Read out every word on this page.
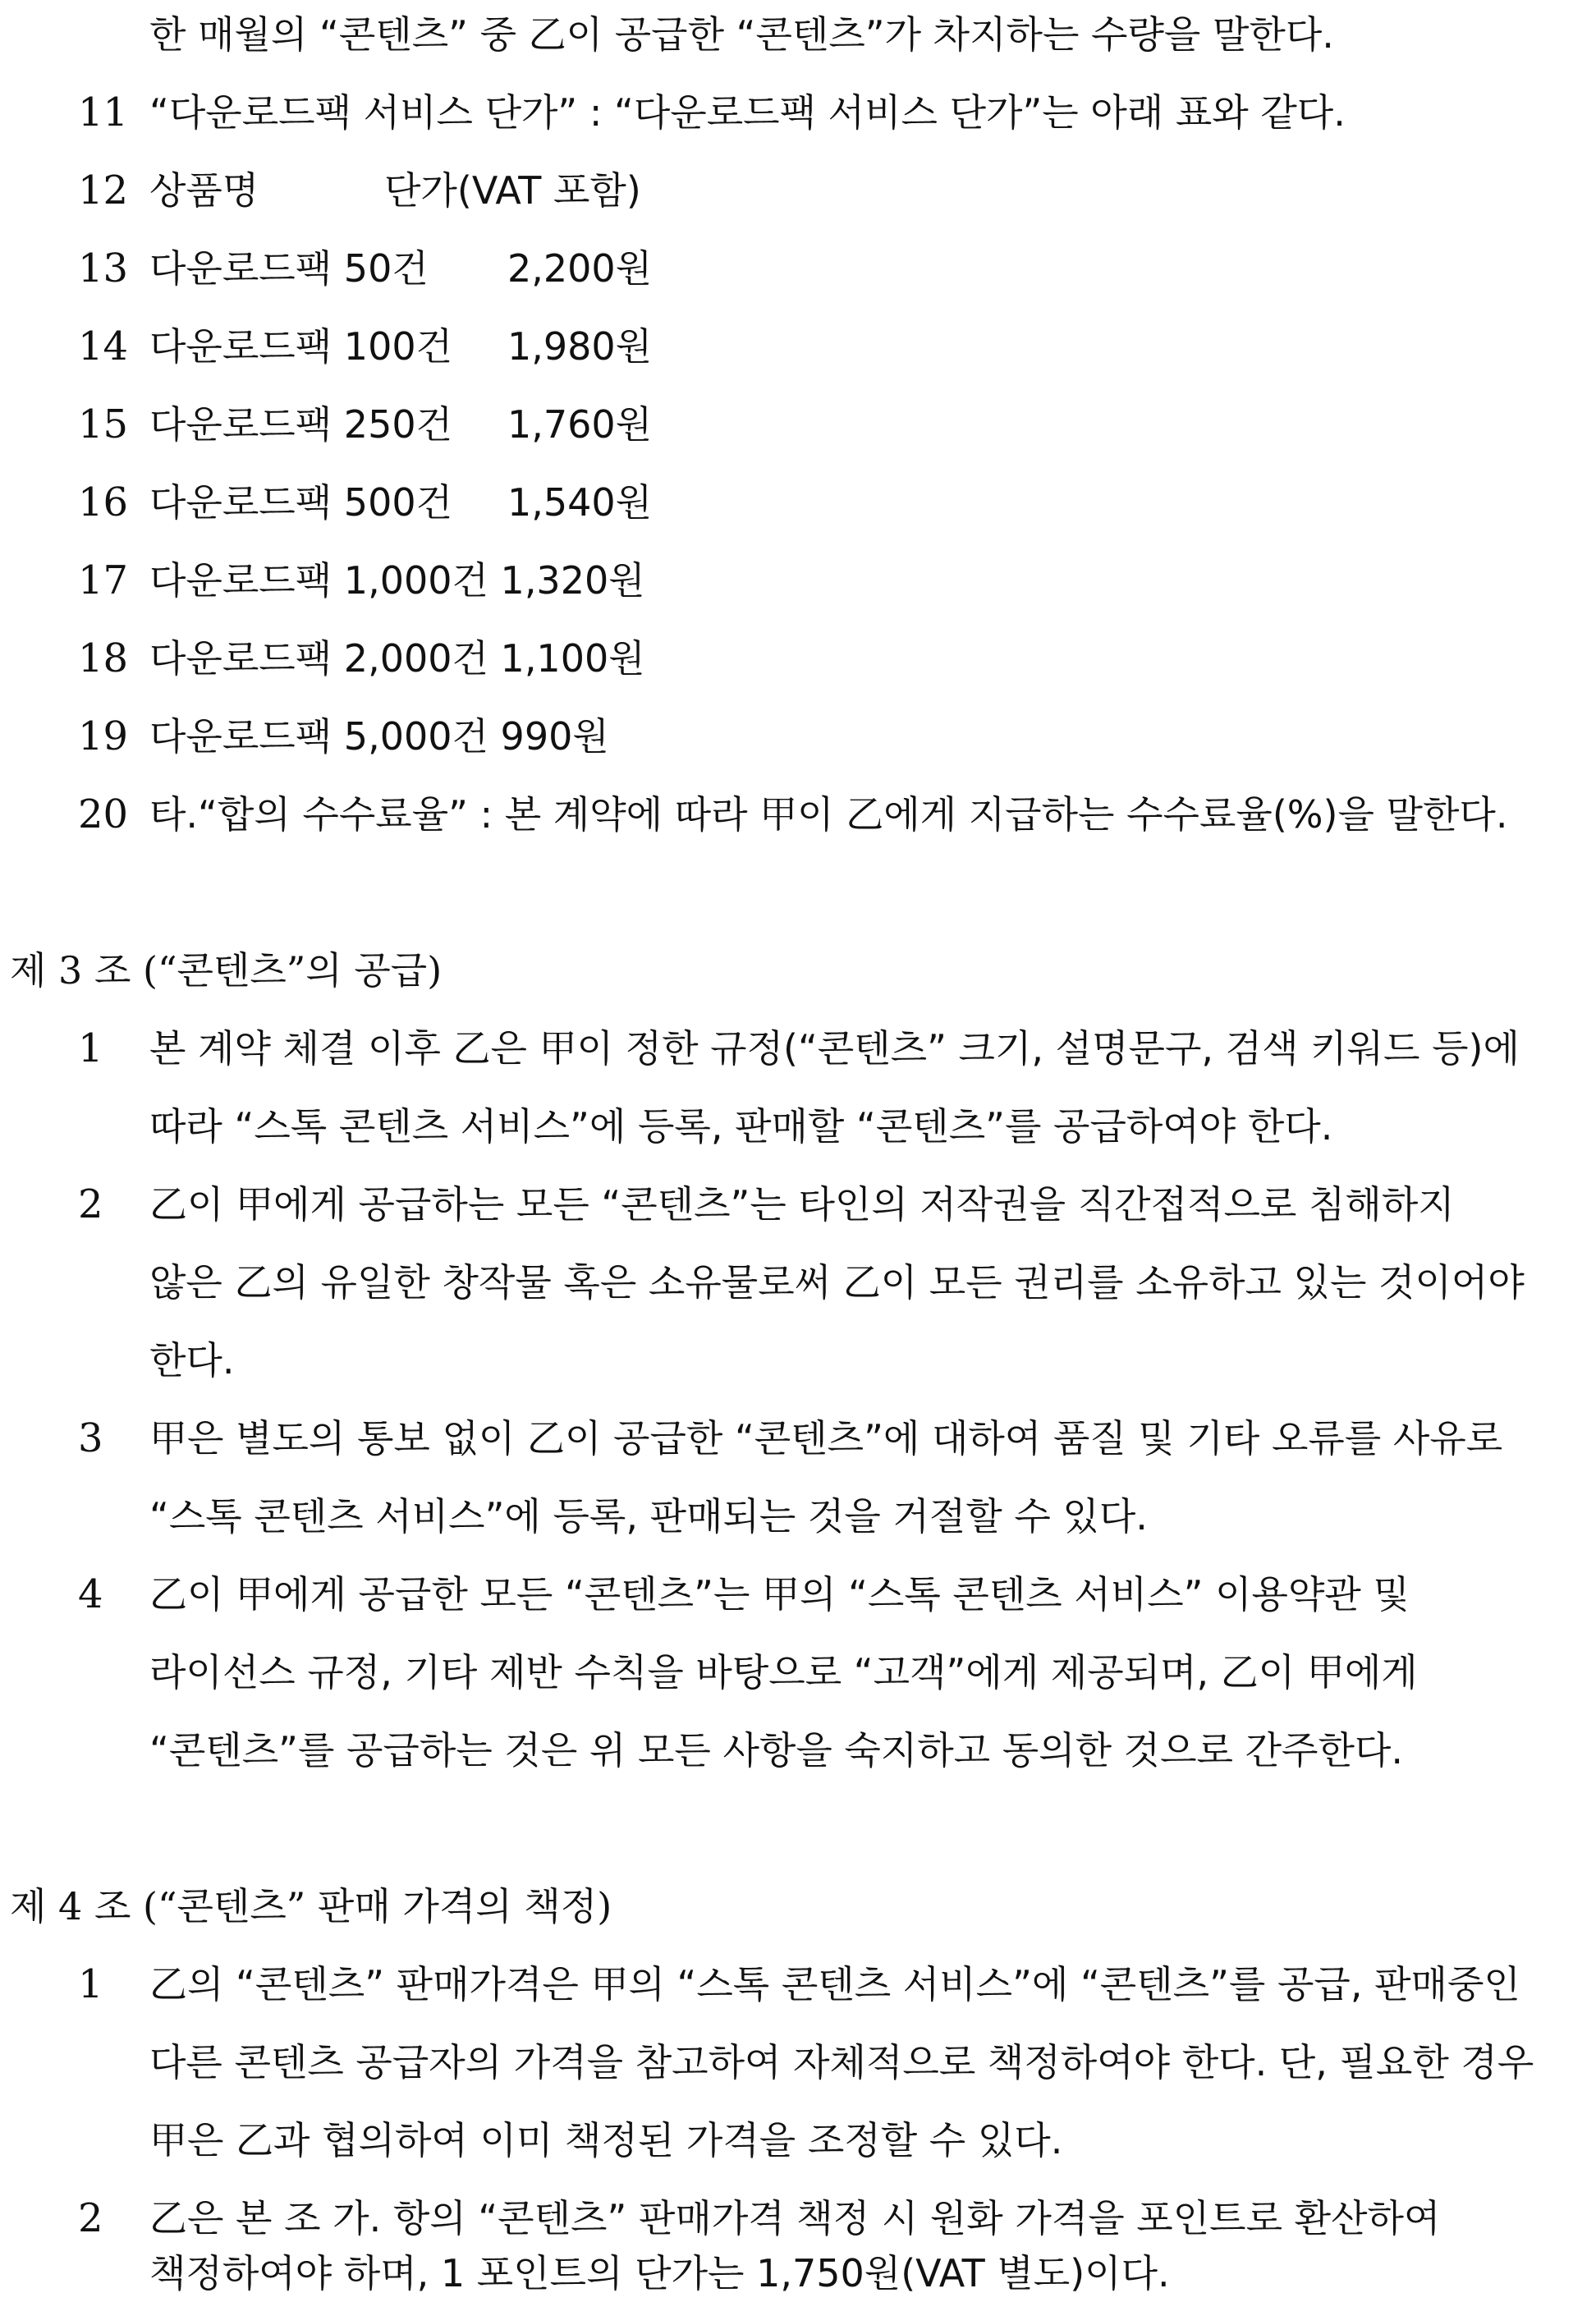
한 매월의 “콘텐츠” 중 乙이 공급한 “콘텐츠”가 차지하는 수량을 말한다.
11 “다운로드팩 서비스 단가” : “다운로드팩 서비스 단가”는 아래 표와 같다.
12 상품명	단가(VAT 포함)
13 다운로드팩 50건 2,200원
14 다운로드팩 100건 1,980원
15 다운로드팩 250건 1,760원
16 다운로드팩 500건 1,540원
17 다운로드팩 1,000건 1,320원
18 다운로드팩 2,000건 1,100원
19 다운로드팩 5,000건 990원
20 타.“합의 수수료율” : 본 계약에 따라 甲이 乙에게 지급하는 수수료율(%)을 말한다.
제 3 조 (“콘텐츠”의 공급)
1	본 계약 체결 이후 乙은 甲이 정한 규정(“콘텐츠” 크기, 설명문구, 검색 키워드 등)에
따라 “스톡 콘텐츠 서비스”에 등록, 판매할 “콘텐츠”를 공급하여야 한다.
2	乙이 甲에게 공급하는 모든 “콘텐츠”는 타인의 저작권을 직간접적으로 침해하지
않은 乙의 유일한 창작물 혹은 소유물로써 乙이 모든 권리를 소유하고 있는 것이어야
한다.
3	甲은 별도의 통보 없이 乙이 공급한 “콘텐츠”에 대하여 품질 및 기타 오류를 사유로
“스톡 콘텐츠 서비스”에 등록, 판매되는 것을 거절할 수 있다.
4	乙이 甲에게 공급한 모든 “콘텐츠”는 甲의 “스톡 콘텐츠 서비스” 이용약관 및
라이선스 규정, 기타 제반 수칙을 바탕으로 “고객”에게 제공되며, 乙이 甲에게
“콘텐츠”를 공급하는 것은 위 모든 사항을 숙지하고 동의한 것으로 간주한다.
제 4 조 (“콘텐츠” 판매 가격의 책정)
1	乙의 “콘텐츠” 판매가격은 甲의 “스톡 콘텐츠 서비스”에 “콘텐츠”를 공급, 판매중인
다른 콘텐츠 공급자의 가격을 참고하여 자체적으로 책정하여야 한다. 단, 필요한 경우
甲은 乙과 협의하여 이미 책정된 가격을 조정할 수 있다.
2	乙은 본 조 가. 항의 “콘텐츠” 판매가격 책정 시 원화 가격을 포인트로 환산하여
책정하여야 하며, 1 포인트의 단가는 1,750원(VAT 별도)이다.
